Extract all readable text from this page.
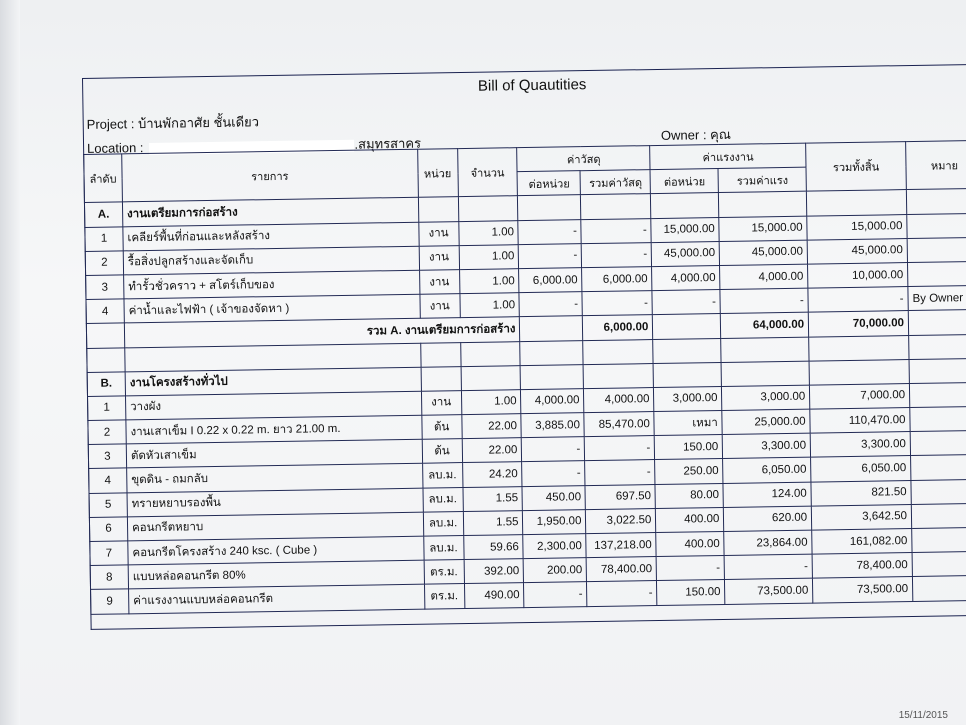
Bill of Quautities
Project : บ้านพักอาศัย ชั้นเดียว
Location :	.สมุทรสาคร
Owner : คุณ
ลำดับ	รายการ	หน่วย	จำนวน	ค่าวัสดุ		ค่าแรงงาน		รวมทั้งสิ้น	หมาย
				ต่อหน่วย	รวมค่าวัสดุ	ต่อหน่วย	รวมค่าแรง		
A.	งานเตรียมการก่อสร้าง								
1	เคลียร์พื้นที่ก่อนและหลังสร้าง	งาน	1.00	-	-	15,000.00	15,000.00	15,000.00	
2	รื้อสิ่งปลูกสร้างและจัดเก็บ	งาน	1.00	-	-	45,000.00	45,000.00	45,000.00	
3	ทำรั้วชั่วคราว + สโตร์เก็บของ	งาน	1.00	6,000.00	6,000.00	4,000.00	4,000.00	10,000.00	
4	ค่าน้ำและไฟฟ้า ( เจ้าของจัดหา )	งาน	1.00	-	-	-	-	-	By Owner
	รวม A. งานเตรียมการก่อสร้าง				6,000.00		64,000.00	70,000.00	

B.	งานโครงสร้างทั่วไป								
1	วางผัง	งาน	1.00	4,000.00	4,000.00	3,000.00	3,000.00	7,000.00	
2	งานเสาเข็ม I 0.22 x 0.22 m. ยาว 21.00 m.	ต้น	22.00	3,885.00	85,470.00	เหมา	25,000.00	110,470.00	
3	ตัดหัวเสาเข็ม	ต้น	22.00	-	-	150.00	3,300.00	3,300.00	
4	ขุดดิน - ถมกลับ	ลบ.ม.	24.20	-	-	250.00	6,050.00	6,050.00	
5	ทรายหยาบรองพื้น	ลบ.ม.	1.55	450.00	697.50	80.00	124.00	821.50	
6	คอนกรีตหยาบ	ลบ.ม.	1.55	1,950.00	3,022.50	400.00	620.00	3,642.50	
7	คอนกรีตโครงสร้าง 240 ksc. ( Cube )	ลบ.ม.	59.66	2,300.00	137,218.00	400.00	23,864.00	161,082.00	
8	แบบหล่อคอนกรีต 80%	ตร.ม.	392.00	200.00	78,400.00	-	-	78,400.00	
9	ค่าแรงงานแบบหล่อคอนกรีต	ตร.ม.	490.00	-	-	150.00	73,500.00	73,500.00	
15/11/2015
